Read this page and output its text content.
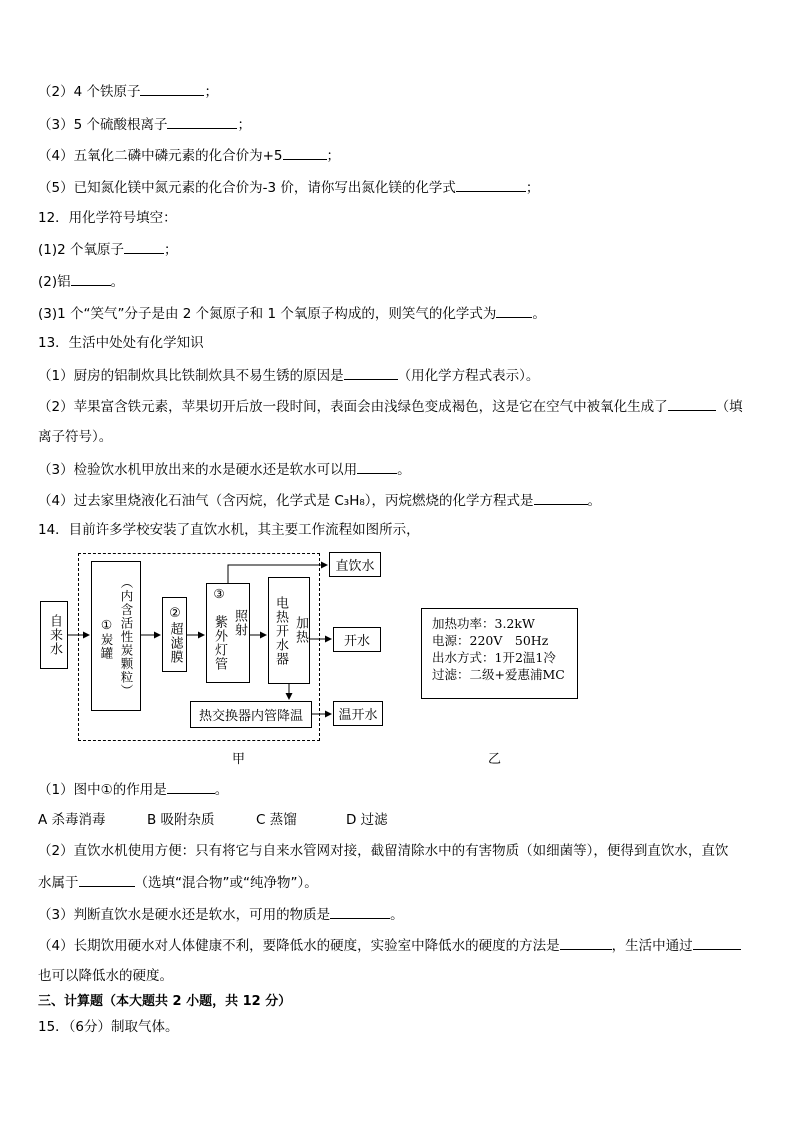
（2）4 个铁原子	；
（3）5 个硫酸根离子	；
（4）五氧化二磷中磷元素的化合价为+5	；
（5）已知氮化镁中氮元素的化合价为-3 价，请你写出氮化镁的化学式	；
12．用化学符号填空：
(1)2 个氧原子	；
(2)铝	。
(3)1 个“笑气”分子是由 2 个氮原子和 1 个氧原子构成的，则笑气的化学式为	。
13．生活中处处有化学知识
（1）厨房的铝制炊具比铁制炊具不易生锈的原因是	（用化学方程式表示）。
（2）苹果富含铁元素，苹果切开后放一段时间，表面会由浅绿色变成褐色，这是它在空气中被氧化生成了	（填
离子符号）。
（3）检验饮水机甲放出来的水是硬水还是软水可以用	。
（4）过去家里烧液化石油气（含丙烷，化学式是 C₃H₈），丙烷燃烧的化学方程式是	。
14．目前许多学校安装了直饮水机，其主要工作流程如图所示，
自来水	（内含活性炭颗粒）
①炭罐	②超滤膜	照射
③
紫外灯管	电热开水器 加热
热交换器内管降温
直饮水
开水
温开水
甲
加热功率：3.2kW
电源：220V　50Hz
出水方式：1开2温1冷
过滤：二级+爱惠浦MC
乙
（1）图中①的作用是	。
A 杀毒消毒	B 吸附杂质	C 蒸馏	D 过滤
（2）直饮水机使用方便：只有将它与自来水管网对接，截留清除水中的有害物质（如细菌等），便得到直饮水，直饮
水属于	（选填“混合物”或“纯净物”）。
（3）判断直饮水是硬水还是软水，可用的物质是	。
（4）长期饮用硬水对人体健康不利，要降低水的硬度，实验室中降低水的硬度的方法是	，生活中通过
也可以降低水的硬度。
三、计算题（本大题共 2 小题，共 12 分）
15．（6分）制取气体。
